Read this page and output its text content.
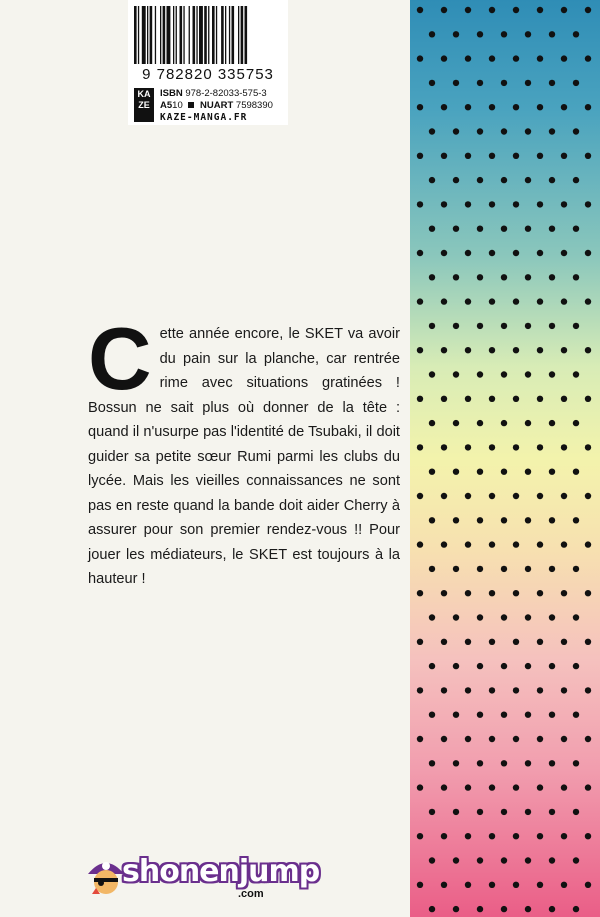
9 782820 335753
KAZE
ISBN 978-2-82033-575-3
A510 NUART 7598390
KAZE-MANGA.FR
C ette année encore, le SKET va avoir du pain sur la planche, car rentrée rime avec situations gratinées ! Bossun ne sait plus où donner de la tête : quand il n'usurpe pas l'identité de Tsubaki, il doit guider sa petite sœur Rumi parmi les clubs du lycée. Mais les vieilles connaissances ne sont pas en reste quand la bande doit aider Cherry à assurer pour son premier rendez-vous !! Pour jouer les médiateurs, le SKET est toujours à la hauteur !
shonenjump
.com
